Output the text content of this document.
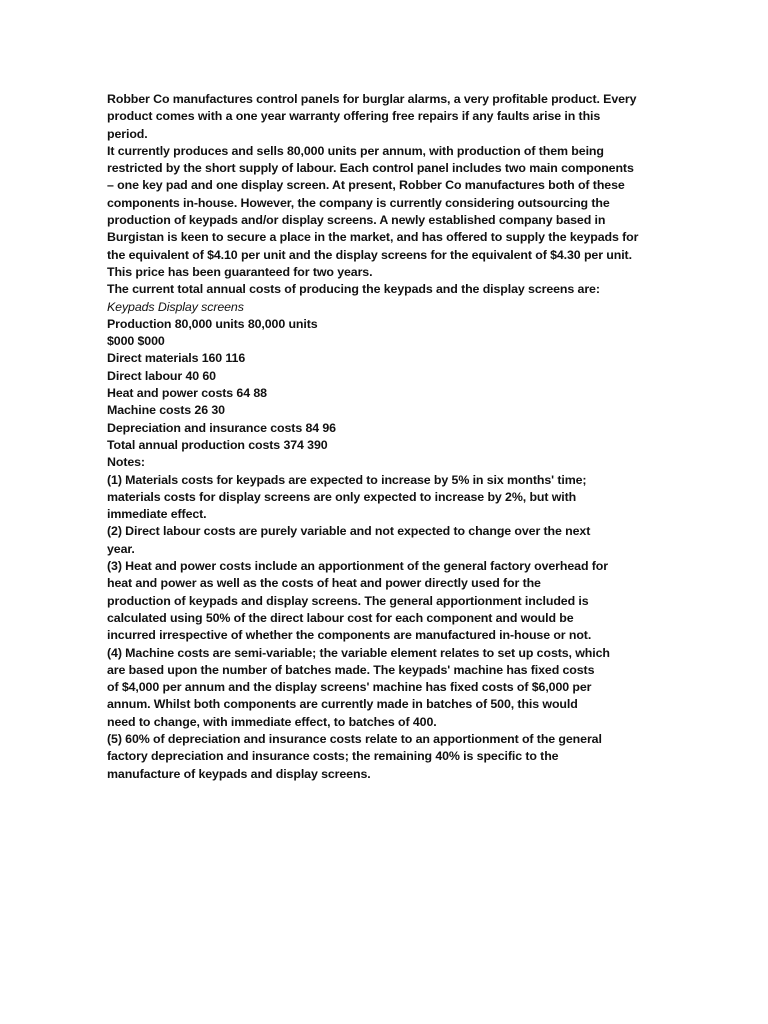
Robber Co manufactures control panels for burglar alarms, a very profitable product. Every
product comes with a one year warranty offering free repairs if any faults arise in this
period.
It currently produces and sells 80,000 units per annum, with production of them being
restricted by the short supply of labour. Each control panel includes two main components
– one key pad and one display screen. At present, Robber Co manufactures both of these
components in-house. However, the company is currently considering outsourcing the
production of keypads and/or display screens. A newly established company based in
Burgistan is keen to secure a place in the market, and has offered to supply the keypads for
the equivalent of $4.10 per unit and the display screens for the equivalent of $4.30 per unit.
This price has been guaranteed for two years.
The current total annual costs of producing the keypads and the display screens are:
Keypads Display screens
Production 80,000 units 80,000 units
$000 $000
Direct materials 160 116
Direct labour 40 60
Heat and power costs 64 88
Machine costs 26 30
Depreciation and insurance costs 84 96
Total annual production costs 374 390
Notes:
(1) Materials costs for keypads are expected to increase by 5% in six months' time;
materials costs for display screens are only expected to increase by 2%, but with
immediate effect.
(2) Direct labour costs are purely variable and not expected to change over the next
year.
(3) Heat and power costs include an apportionment of the general factory overhead for
heat and power as well as the costs of heat and power directly used for the
production of keypads and display screens. The general apportionment included is
calculated using 50% of the direct labour cost for each component and would be
incurred irrespective of whether the components are manufactured in-house or not.
(4) Machine costs are semi-variable; the variable element relates to set up costs, which
are based upon the number of batches made. The keypads' machine has fixed costs
of $4,000 per annum and the display screens' machine has fixed costs of $6,000 per
annum. Whilst both components are currently made in batches of 500, this would
need to change, with immediate effect, to batches of 400.
(5) 60% of depreciation and insurance costs relate to an apportionment of the general
factory depreciation and insurance costs; the remaining 40% is specific to the
manufacture of keypads and display screens.
